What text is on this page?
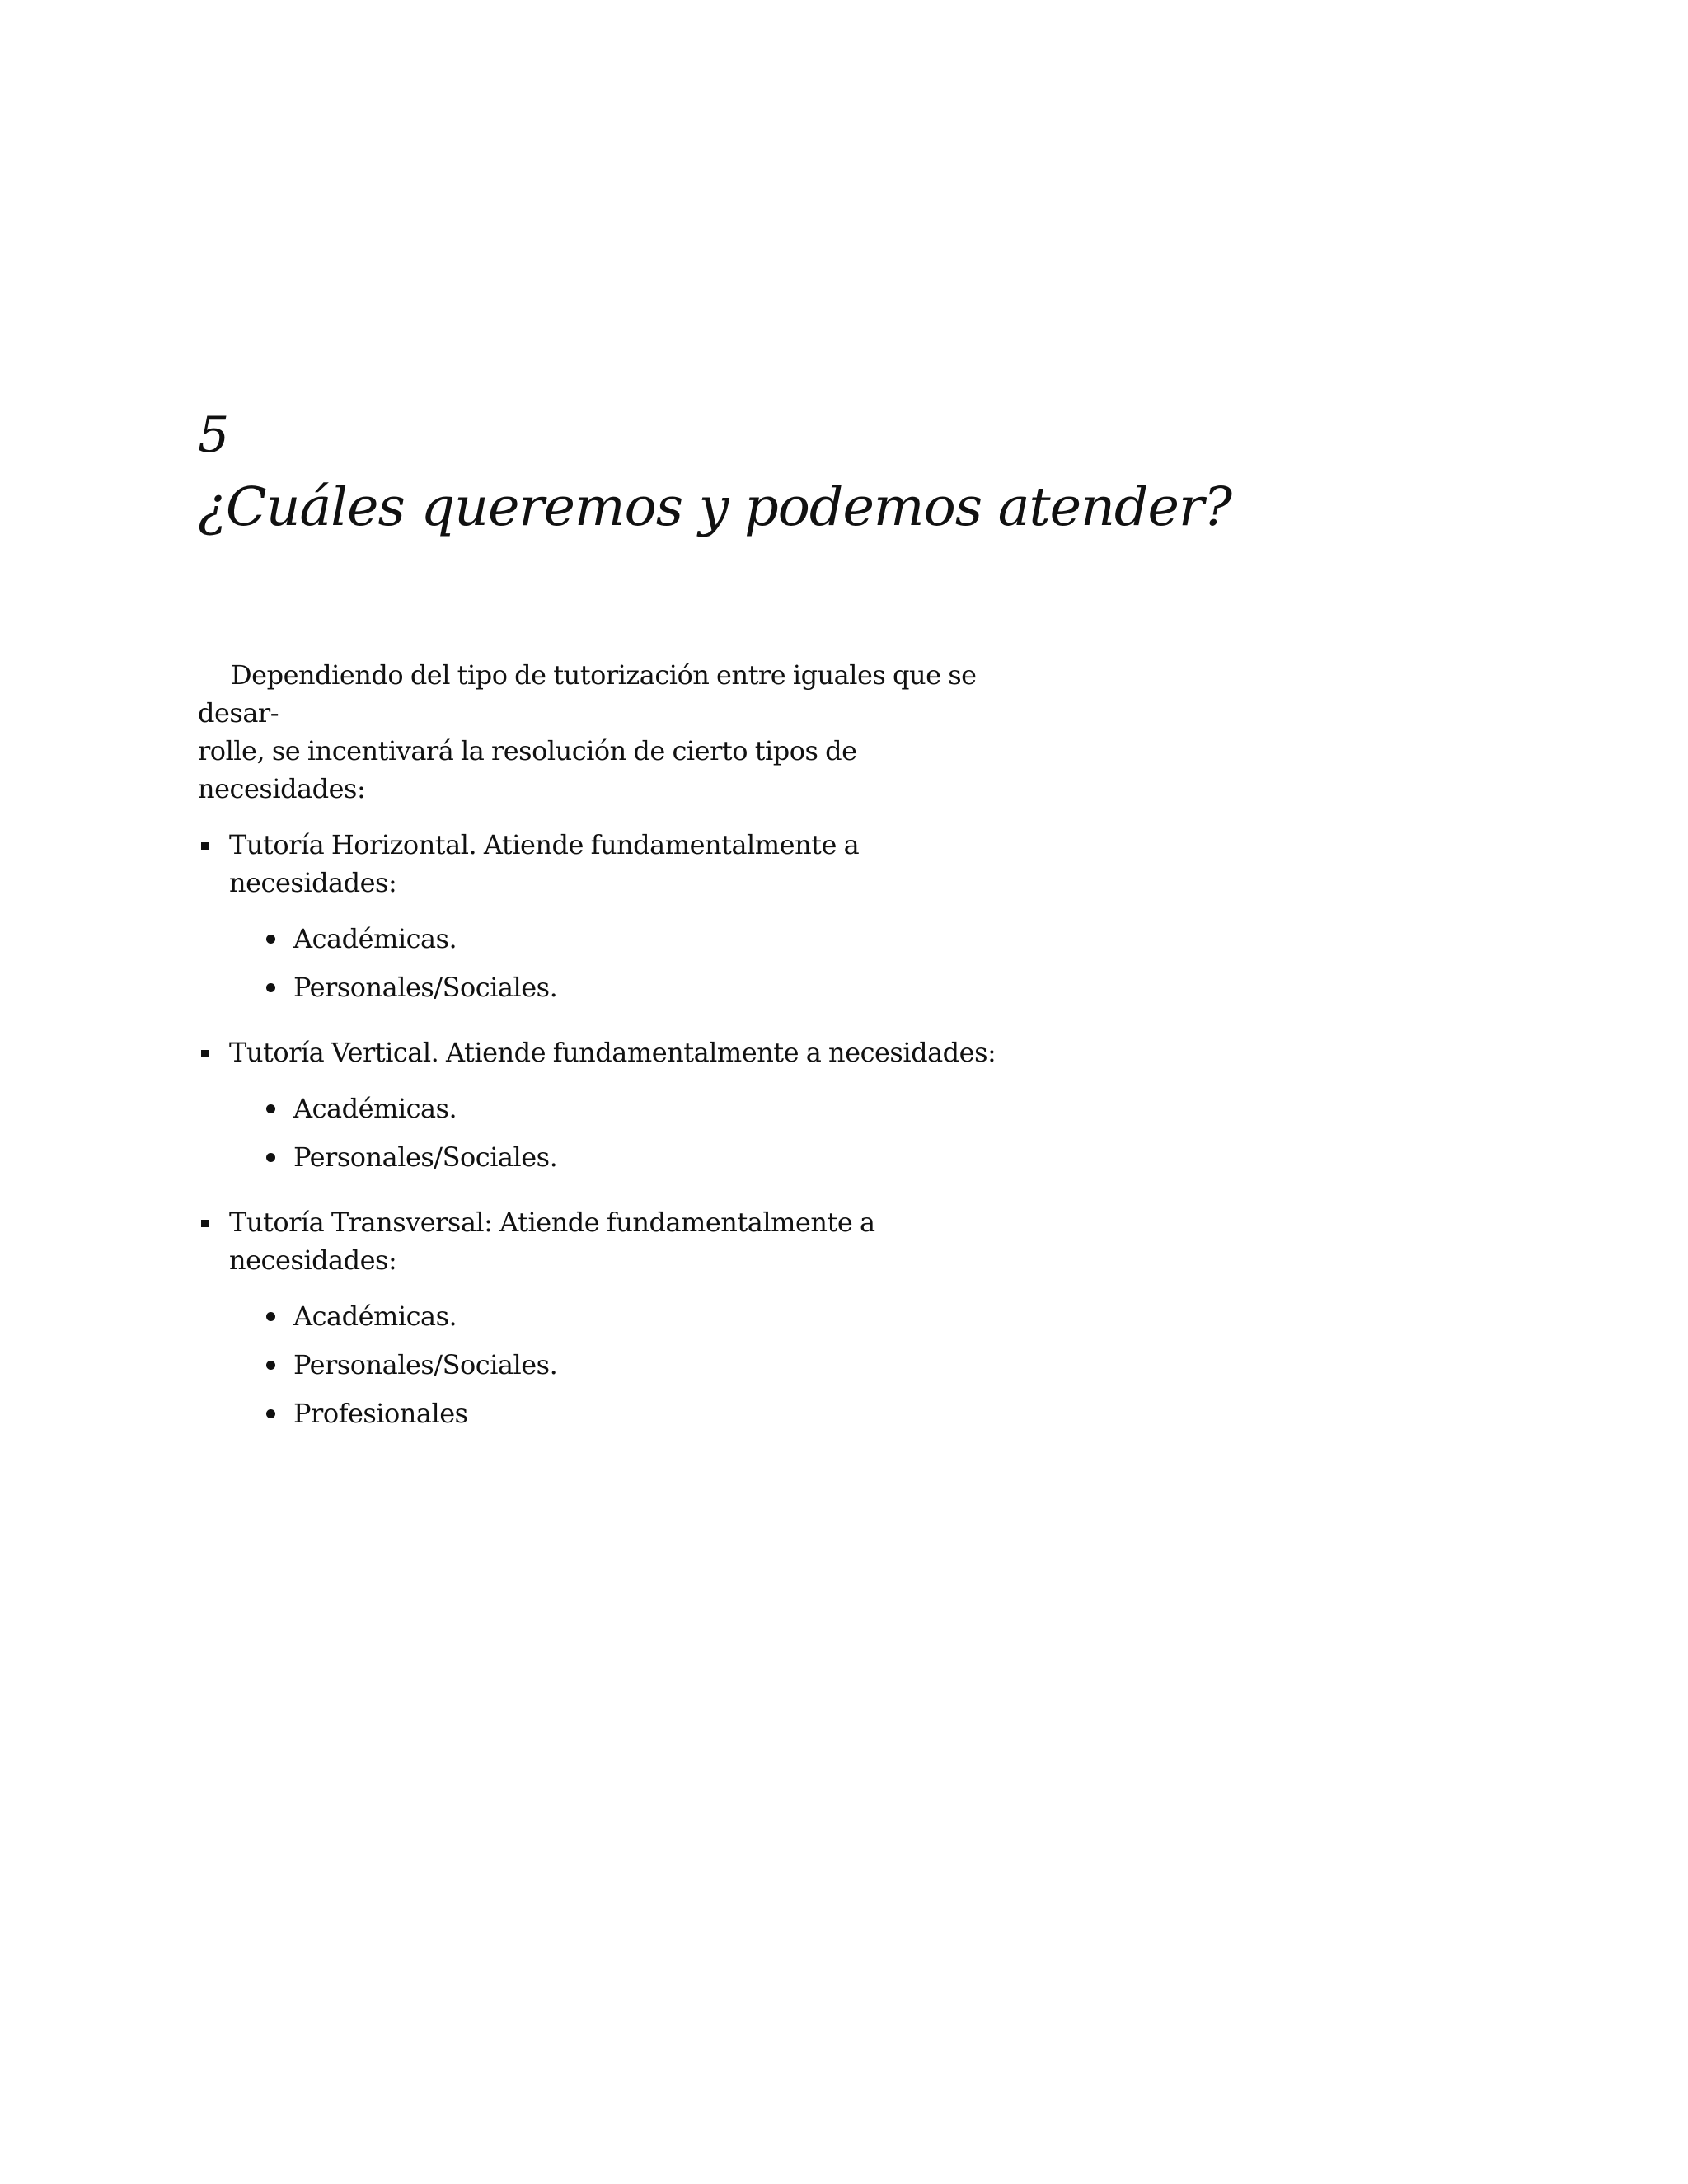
5
¿Cuáles queremos y podemos atender?

Dependiendo del tipo de tutorización entre iguales que se desar-
rolle, se incentivará la resolución de cierto tipos de necesidades:

Tutoría Horizontal. Atiende fundamentalmente a necesidades:
Académicas.
Personales/Sociales.
Tutoría Vertical. Atiende fundamentalmente a necesidades:
Académicas.
Personales/Sociales.
Tutoría Transversal: Atiende fundamentalmente a necesidades:
Académicas.
Personales/Sociales.
Profesionales
